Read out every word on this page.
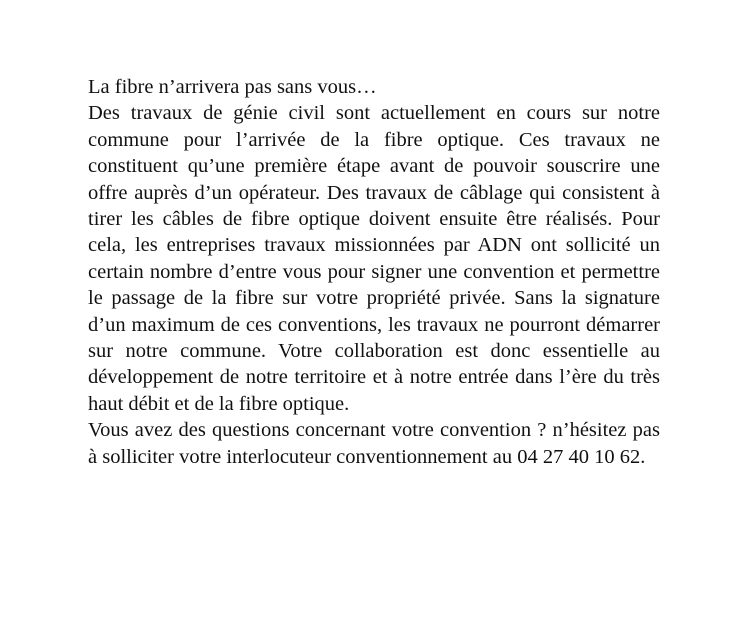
La fibre n’arrivera pas sans vous…

Des travaux de génie civil sont actuellement en cours sur notre commune pour l’arrivée de la fibre optique. Ces travaux ne constituent qu’une première étape avant de pouvoir souscrire une offre auprès d’un opérateur. Des travaux de câblage qui consistent à tirer les câbles de fibre optique doivent ensuite être réalisés. Pour cela, les entreprises travaux missionnées par ADN ont sollicité un certain nombre d’entre vous pour signer une convention et permettre le passage de la fibre sur votre propriété privée. Sans la signature d’un maximum de ces conventions, les travaux ne pourront démarrer sur notre commune. Votre collaboration est donc essentielle au développement de notre territoire et à notre entrée dans l’ère du très haut débit et de la fibre optique.

Vous avez des questions concernant votre convention ? n’hésitez pas à solliciter votre interlocuteur conventionnement au 04 27 40 10 62.
